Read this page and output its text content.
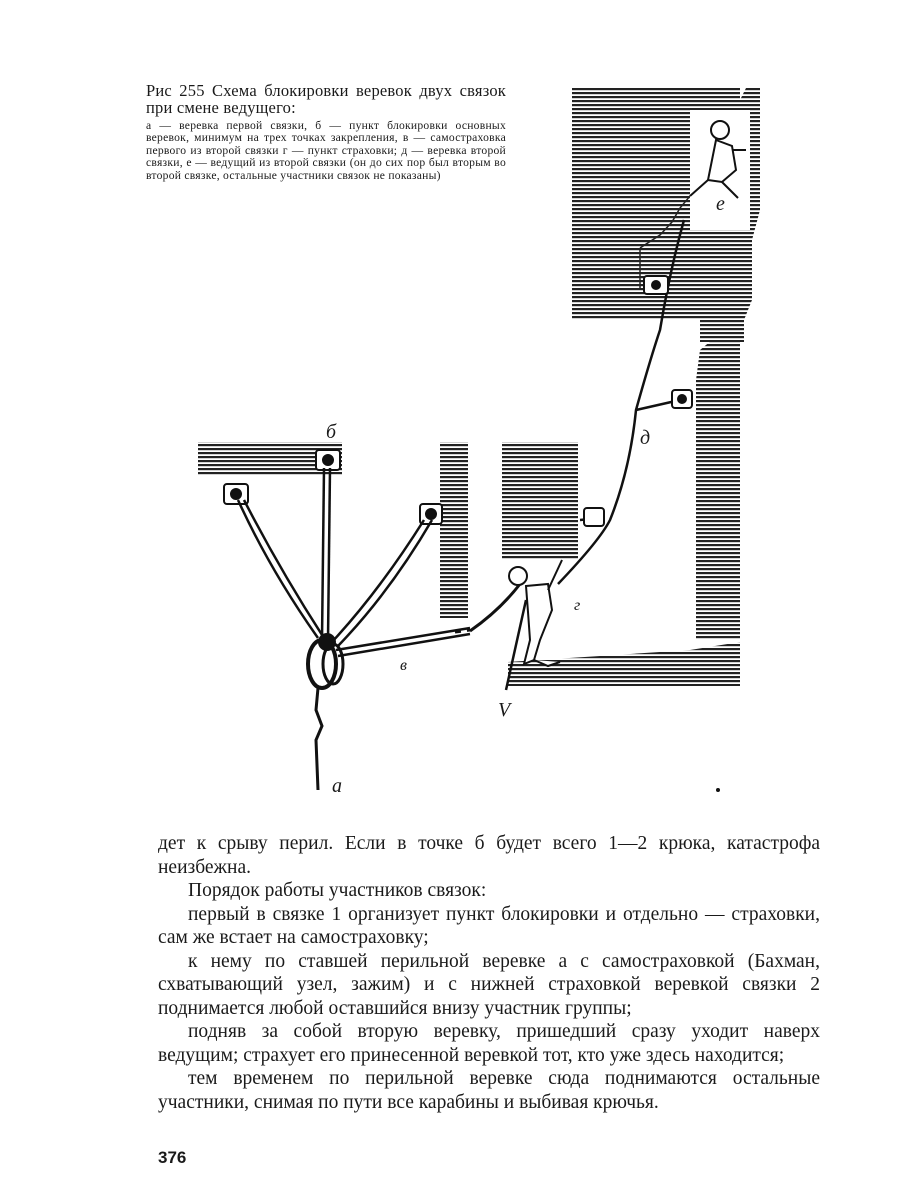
Рис 255 Схема блокировки веревок двух связок при смене ведущего:

а — веревка первой связки, б — пункт блокировки основных веревок, минимум на трех точках закрепления, в — самостраховка первого из второй связки г — пункт страховки; д — веревка второй связки, е — ведущий из второй связки (он до сих пор был вторым во второй связке, остальные участники связок не показаны)

б
а
в
г
д
е
V

дет к срыву перил. Если в точке б будет всего 1—2 крюка, катастрофа неизбежна.

Порядок работы участников связок:

первый в связке 1 организует пункт блокировки и отдельно — страховки, сам же встает на самостраховку;

к нему по ставшей перильной веревке а с самостраховкой (Бахман, схватывающий узел, зажим) и с нижней страховкой веревкой связки 2 поднимается любой оставшийся внизу участник группы;

подняв за собой вторую веревку, пришедший сразу уходит наверх ведущим; страхует его принесенной веревкой тот, кто уже здесь находится;

тем временем по перильной веревке сюда поднимаются остальные участники, снимая по пути все карабины и выбивая крючья.

376
